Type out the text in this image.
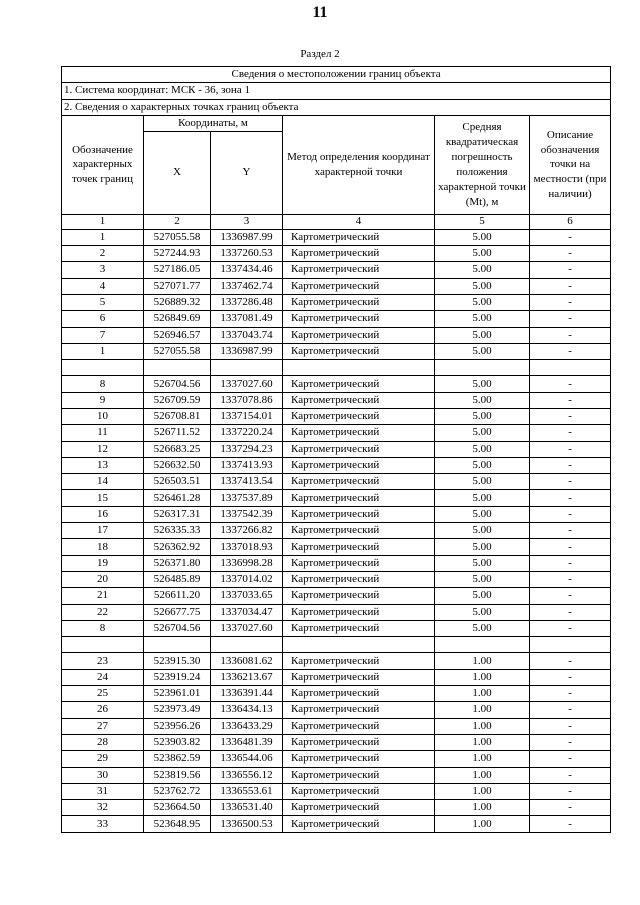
11
Раздел 2
Сведения о местоположении границ объекта					
1. Система координат: МСК - 36, зона 1					
2. Сведения о характерных точках границ объекта					
Обозначение характерных точек границ	Координаты, м		Метод определения координат характерной точки	Средняя квадратическая погрешность положения характерной точки (Mt), м	Описание обозначения точки на местности (при наличии)
	X	Y			
1	2	3	4	5	6
1	527055.58	1336987.99	Картометрический	5.00	-
2	527244.93	1337260.53	Картометрический	5.00	-
3	527186.05	1337434.46	Картометрический	5.00	-
4	527071.77	1337462.74	Картометрический	5.00	-
5	526889.32	1337286.48	Картометрический	5.00	-
6	526849.69	1337081.49	Картометрический	5.00	-
7	526946.57	1337043.74	Картометрический	5.00	-
1	527055.58	1336987.99	Картометрический	5.00	-

8	526704.56	1337027.60	Картометрический	5.00	-
9	526709.59	1337078.86	Картометрический	5.00	-
10	526708.81	1337154.01	Картометрический	5.00	-
11	526711.52	1337220.24	Картометрический	5.00	-
12	526683.25	1337294.23	Картометрический	5.00	-
13	526632.50	1337413.93	Картометрический	5.00	-
14	526503.51	1337413.54	Картометрический	5.00	-
15	526461.28	1337537.89	Картометрический	5.00	-
16	526317.31	1337542.39	Картометрический	5.00	-
17	526335.33	1337266.82	Картометрический	5.00	-
18	526362.92	1337018.93	Картометрический	5.00	-
19	526371.80	1336998.28	Картометрический	5.00	-
20	526485.89	1337014.02	Картометрический	5.00	-
21	526611.20	1337033.65	Картометрический	5.00	-
22	526677.75	1337034.47	Картометрический	5.00	-
8	526704.56	1337027.60	Картометрический	5.00	-

23	523915.30	1336081.62	Картометрический	1.00	-
24	523919.24	1336213.67	Картометрический	1.00	-
25	523961.01	1336391.44	Картометрический	1.00	-
26	523973.49	1336434.13	Картометрический	1.00	-
27	523956.26	1336433.29	Картометрический	1.00	-
28	523903.82	1336481.39	Картометрический	1.00	-
29	523862.59	1336544.06	Картометрический	1.00	-
30	523819.56	1336556.12	Картометрический	1.00	-
31	523762.72	1336553.61	Картометрический	1.00	-
32	523664.50	1336531.40	Картометрический	1.00	-
33	523648.95	1336500.53	Картометрический	1.00	-
